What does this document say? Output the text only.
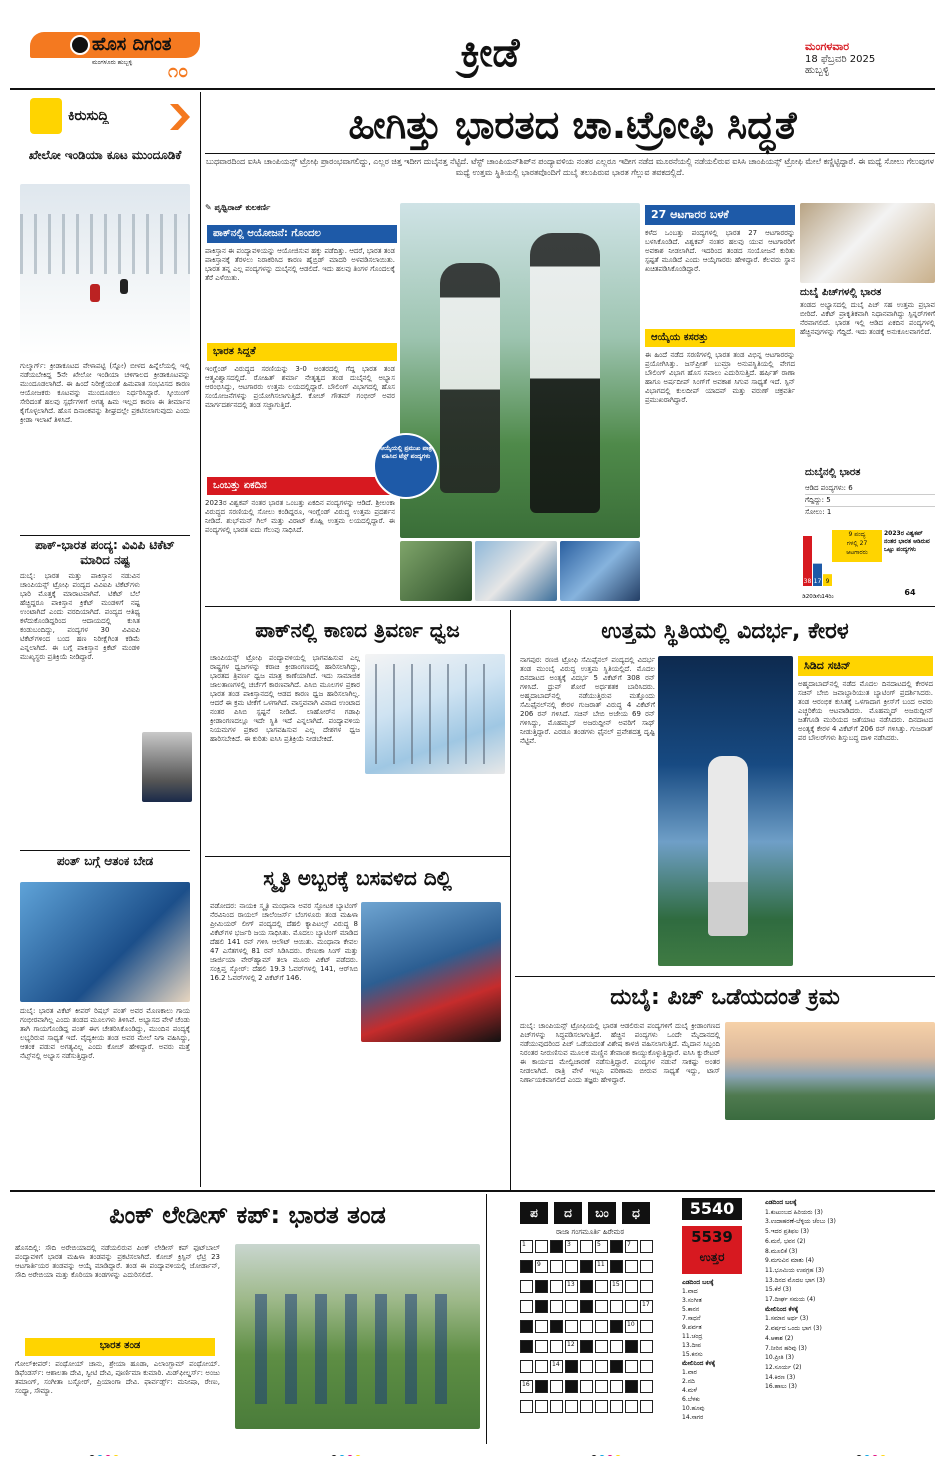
ಹೊಸ ದಿಗಂತ
ಮಂಗಳೂರು ಹುಬ್ಬಳ್ಳಿ	೧೦	ಕ್ರೀಡೆ	ಮಂಗಳವಾರ
18 ಫೆಬ್ರವರಿ 2025
ಹುಬ್ಬಳ್ಳಿ
ಕಿರುಸುದ್ದಿ
ಖೇಲೋ ಇಂಡಿಯಾ ಕೂಟ ಮುಂದೂಡಿಕೆ
ಗುಲ್ಮಾರ್ಗ್: ಕ್ರೀಡಾಕೂಟದ ವೇಳಾಪಟ್ಟಿ (ಸ್ನೋ) ಬೀಳದ ಹಿನ್ನೆಲೆಯಲ್ಲಿ ಇಲ್ಲಿ ನಡೆಯಬೇಕಿದ್ದ 5ನೇ ಖೇಲೋ ಇಂಡಿಯಾ ಚಳಿಗಾಲದ ಕ್ರೀಡಾಕೂಟವನ್ನು ಮುಂದೂಡಲಾಗಿದೆ. ಈ ಹಿಂದೆ ನಿರೀಕ್ಷೆಯಂತೆ ಹಿಮಪಾತ ಸಂಭವಿಸದ ಕಾರಣ ಆಯೋಜಕರು ಕೂಟವನ್ನು ಮುಂದೂಡಲು ನಿರ್ಧರಿಸಿದ್ದಾರೆ. ಸ್ಕೀಯಿಂಗ್ ಸೇರಿದಂತೆ ಹಲವು ಸ್ಪರ್ಧೆಗಳಿಗೆ ಅಗತ್ಯ ಹಿಮ ಇಲ್ಲದ ಕಾರಣ ಈ ತೀರ್ಮಾನ ಕೈಗೊಳ್ಳಲಾಗಿದೆ. ಹೊಸ ದಿನಾಂಕವನ್ನು ಶೀಘ್ರದಲ್ಲೇ ಪ್ರಕಟಿಸಲಾಗುವುದು ಎಂದು ಕ್ರೀಡಾ ಇಲಾಖೆ ತಿಳಿಸಿದೆ.
ಪಾಕ್-ಭಾರತ ಪಂದ್ಯ: ವಿವಿಪಿ ಟಿಕೆಟ್ ಮಾರಿದ ನಷ್ಟ
ದುಬೈ: ಭಾರತ ಮತ್ತು ಪಾಕಿಸ್ತಾನ ನಡುವಿನ ಚಾಂಪಿಯನ್ಸ್ ಟ್ರೋಫಿ ಪಂದ್ಯದ ವಿವಿಐಪಿ ಟಿಕೆಟ್‌ಗಳು ಭಾರಿ ಮೊತ್ತಕ್ಕೆ ಮಾರಾಟವಾಗಿವೆ. ಟಿಕೆಟ್ ಬೆಲೆ ಹೆಚ್ಚಿದ್ದರೂ ಪಾಕಿಸ್ತಾನ ಕ್ರಿಕೆಟ್ ಮಂಡಳಿಗೆ ನಷ್ಟ ಉಂಟಾಗಿದೆ ಎಂದು ವರದಿಯಾಗಿದೆ. ಪಂದ್ಯದ ಆತಿಥ್ಯ ಕಳೆದುಕೊಂಡಿದ್ದರಿಂದ ಆದಾಯದಲ್ಲಿ ಕುಸಿತ ಕಂಡುಬಂದಿದ್ದು, ಪಂದ್ಯಗಳ 30 ವಿವಿಐಪಿ ಟಿಕೆಟ್‌ಗಳಿಂದ ಬಂದ ಹಣ ನಿರೀಕ್ಷೆಗಿಂತ ಕಡಿಮೆ ಎನ್ನಲಾಗಿದೆ. ಈ ಬಗ್ಗೆ ಪಾಕಿಸ್ತಾನ ಕ್ರಿಕೆಟ್ ಮಂಡಳಿ ಮುಖ್ಯಸ್ಥರು ಪ್ರತಿಕ್ರಿಯೆ ನೀಡಿದ್ದಾರೆ.
ಪಂತ್ ಬಗ್ಗೆ ಆತಂಕ ಬೇಡ
ದುಬೈ: ಭಾರತ ವಿಕೆಟ್ ಕೀಪರ್ ರಿಷಭ್ ಪಂತ್ ಅವರ ಮೊಣಕಾಲು ಗಾಯ ಗಂಭೀರವಾಗಿಲ್ಲ ಎಂದು ತಂಡದ ಮೂಲಗಳು ತಿಳಿಸಿವೆ. ಅಭ್ಯಾಸದ ವೇಳೆ ಚೆಂಡು ತಾಗಿ ಗಾಯಗೊಂಡಿದ್ದ ಪಂತ್ ಈಗ ಚೇತರಿಸಿಕೊಂಡಿದ್ದು, ಮುಂದಿನ ಪಂದ್ಯಕ್ಕೆ ಲಭ್ಯರಿರುವ ಸಾಧ್ಯತೆ ಇದೆ. ವೈದ್ಯಕೀಯ ತಂಡ ಅವರ ಮೇಲೆ ನಿಗಾ ವಹಿಸಿದ್ದು, ಆತಂಕ ಪಡುವ ಅಗತ್ಯವಿಲ್ಲ ಎಂದು ಕೋಚ್ ಹೇಳಿದ್ದಾರೆ. ಅವರು ಮತ್ತೆ ನೆಟ್ಸ್‌ನಲ್ಲಿ ಅಭ್ಯಾಸ ನಡೆಸುತ್ತಿದ್ದಾರೆ.
ಹೀಗಿತ್ತು ಭಾರತದ ಚಾ.ಟ್ರೋಫಿ ಸಿದ್ಧತೆ
ಬುಧವಾರದಿಂದ ಐಸಿಸಿ ಚಾಂಪಿಯನ್ಸ್ ಟ್ರೋಫಿ ಪ್ರಾರಂಭವಾಗಲಿದ್ದು, ಎಲ್ಲರ ಚಿತ್ತ ಇದೀಗ ದುಬೈನತ್ತ ನೆಟ್ಟಿದೆ. ಟೆಸ್ಟ್ ಚಾಂಪಿಯನ್‌ಶಿಪ್‌ನ ಪಂದ್ಯಾವಳಿಯ ನಂತರ ಎಲ್ಲರೂ ಇದೀಗ ನಡೆದ ಮೂರನೆಯಲ್ಲಿ ನಡೆಯಲಿರುವ ಐಸಿಸಿ ಚಾಂಪಿಯನ್ಸ್ ಟ್ರೋಫಿ ಮೇಲೆ ಕಣ್ಣಿಟ್ಟಿದ್ದಾರೆ. ಈ ಮಧ್ಯೆ ಸೋಲು ಗೆಲುವುಗಳ ಮಧ್ಯೆ ಉತ್ತಮ ಸ್ಥಿತಿಯಲ್ಲಿ ಭಾರತವೊಂದಿಗೆ ದುಬೈ ತಲುಪಿರುವ ಭಾರತ ಗೆಲ್ಲುವ ತವಕದಲ್ಲಿದೆ.
✎ ಪೃಥ್ವಿರಾಜ್ ಕುಲಕರ್ಣಿ
ಪಾಕ್‌ನಲ್ಲಿ ಆಯೋಜನೆ: ಗೊಂದಲ
ಪಾಕಿಸ್ತಾನ ಈ ಪಂದ್ಯಾವಳಿಯನ್ನು ಆಯೋಜಿಸುವ ಹಕ್ಕು ಪಡೆದಿತ್ತು. ಆದರೆ, ಭಾರತ ತಂಡ ಪಾಕಿಸ್ತಾನಕ್ಕೆ ತೆರಳಲು ನಿರಾಕರಿಸಿದ ಕಾರಣ ಹೈಬ್ರಿಡ್ ಮಾದರಿ ಅಳವಡಿಸಲಾಯಿತು. ಭಾರತ ತನ್ನ ಎಲ್ಲ ಪಂದ್ಯಗಳನ್ನು ದುಬೈನಲ್ಲಿ ಆಡಲಿದೆ. ಇದು ಹಲವು ತಿಂಗಳ ಗೊಂದಲಕ್ಕೆ ತೆರೆ ಎಳೆಯಿತು.
ಭಾರತ ಸಿದ್ಧತೆ
ಇಂಗ್ಲೆಂಡ್ ವಿರುದ್ಧದ ಸರಣಿಯನ್ನು 3-0 ಅಂತರದಲ್ಲಿ ಗೆದ್ದ ಭಾರತ ತಂಡ ಆತ್ಮವಿಶ್ವಾಸದಲ್ಲಿದೆ. ರೋಹಿತ್ ಶರ್ಮಾ ನೇತೃತ್ವದ ತಂಡ ದುಬೈನಲ್ಲಿ ಅಭ್ಯಾಸ ಆರಂಭಿಸಿದ್ದು, ಆಟಗಾರರು ಉತ್ತಮ ಲಯದಲ್ಲಿದ್ದಾರೆ. ಬೌಲಿಂಗ್ ವಿಭಾಗದಲ್ಲಿ ಹೊಸ ಸಂಯೋಜನೆಗಳನ್ನು ಪ್ರಯೋಗಿಸಲಾಗುತ್ತಿದೆ. ಕೋಚ್ ಗೌತಮ್ ಗಂಭೀರ್ ಅವರ ಮಾರ್ಗದರ್ಶನದಲ್ಲಿ ತಂಡ ಸಜ್ಜಾಗುತ್ತಿದೆ.
ಒಂಬತ್ತು ಏಕದಿನ
2023ರ ವಿಶ್ವಕಪ್ ನಂತರ ಭಾರತ ಒಂಬತ್ತು ಏಕದಿನ ಪಂದ್ಯಗಳನ್ನು ಆಡಿದೆ. ಶ್ರೀಲಂಕಾ ವಿರುದ್ಧದ ಸರಣಿಯಲ್ಲಿ ಸೋಲು ಕಂಡಿದ್ದರೂ, ಇಂಗ್ಲೆಂಡ್ ವಿರುದ್ಧ ಉತ್ತಮ ಪ್ರದರ್ಶನ ನೀಡಿದೆ. ಶುಭ್‌ಮನ್ ಗಿಲ್ ಮತ್ತು ವಿರಾಟ್ ಕೊಹ್ಲಿ ಉತ್ತಮ ಲಯದಲ್ಲಿದ್ದಾರೆ. ಈ ಪಂದ್ಯಗಳಲ್ಲಿ ಭಾರತ ಐದು ಗೆಲುವು ಸಾಧಿಸಿದೆ.
ಆಯ್ಕೆಯಲ್ಲಿ ಪ್ರಮುಖ ಪಾತ್ರ ವಹಿಸಿದ ಟೆಸ್ಟ್ ಪಂದ್ಯಗಳು
27 ಆಟಗಾರರ ಬಳಕೆ
ಕಳೆದ ಒಂಬತ್ತು ಪಂದ್ಯಗಳಲ್ಲಿ ಭಾರತ 27 ಆಟಗಾರರನ್ನು ಬಳಸಿಕೊಂಡಿದೆ. ವಿಶ್ವಕಪ್ ನಂತರ ಹಲವು ಯುವ ಆಟಗಾರರಿಗೆ ಅವಕಾಶ ನೀಡಲಾಗಿದೆ. ಇದರಿಂದ ತಂಡದ ಸಂಯೋಜನೆ ಕುರಿತು ಸ್ಪಷ್ಟತೆ ಮೂಡಿದೆ ಎಂದು ಆಯ್ಕೆಗಾರರು ಹೇಳಿದ್ದಾರೆ. ಕೆಲವರು ಸ್ಥಾನ ಖಚಿತಪಡಿಸಿಕೊಂಡಿದ್ದಾರೆ.
ಆಯ್ಕೆಯ ಕಸರತ್ತು
ಈ ಹಿಂದೆ ನಡೆದ ಸರಣಿಗಳಲ್ಲಿ ಭಾರತ ತಂಡ ವಿಭಿನ್ನ ಆಟಗಾರರನ್ನು ಪ್ರಯೋಗಿಸಿತ್ತು. ಜಸ್‌ಪ್ರೀತ್ ಬುಮ್ರಾ ಅನುಪಸ್ಥಿತಿಯಲ್ಲಿ ವೇಗದ ಬೌಲಿಂಗ್ ವಿಭಾಗ ಹೊಸ ಸವಾಲು ಎದುರಿಸುತ್ತಿದೆ. ಹರ್ಷಿತ್ ರಾಣಾ ಹಾಗೂ ಅರ್ಷದೀಪ್ ಸಿಂಗ್‌ಗೆ ಅವಕಾಶ ಸಿಗುವ ಸಾಧ್ಯತೆ ಇದೆ. ಸ್ಪಿನ್ ವಿಭಾಗದಲ್ಲಿ ಕುಲದೀಪ್ ಯಾದವ್ ಮತ್ತು ವರುಣ್ ಚಕ್ರವರ್ತಿ ಪ್ರಮುಖರಾಗಿದ್ದಾರೆ.
ದುಬೈ ಪಿಚ್‌ಗಳಲ್ಲಿ ಭಾರತ
ತಂಡದ ಅಭ್ಯಾಸದಲ್ಲಿ ದುಬೈ ಪಿಚ್ ಸಹ ಉತ್ತಮ ಪ್ರಭಾವ ಬೀರಿದೆ. ವಿಕೆಟ್ ಪ್ರಾಕೃತಿಕವಾಗಿ ನಿಧಾನವಾಗಿದ್ದು ಸ್ಪಿನ್ನರ್‌ಗಳಿಗೆ ನೆರವಾಗಲಿದೆ. ಭಾರತ ಇಲ್ಲಿ ಆಡಿದ ಏಕದಿನ ಪಂದ್ಯಗಳಲ್ಲಿ ಹೆಚ್ಚಿನವುಗಳನ್ನು ಗೆದ್ದಿದೆ. ಇದು ತಂಡಕ್ಕೆ ಅನುಕೂಲವಾಗಲಿದೆ.
ದುಬೈನಲ್ಲಿ ಭಾರತ
ಆಡಿದ ಪಂದ್ಯಗಳು: 6
ಗೆದ್ದಿದ್ದು: 5
ಸೋಲು: 1
38
ಡಿ20
17
ಡಿಸೆಂ
9
14ರಿಂ
9 ಪಂದ್ಯ
ಗಳಲ್ಲಿ 27
ಆಟಗಾರರು
2023ರ ವಿಶ್ವಕಪ್ ನಂತರ ಭಾರತ ಆಡಿರುವ ಒಟ್ಟು ಪಂದ್ಯಗಳು
64
ಪಾಕ್‌ನಲ್ಲಿ ಕಾಣದ ತ್ರಿವರ್ಣ ಧ್ವಜ
ಚಾಂಪಿಯನ್ಸ್ ಟ್ರೋಫಿ ಪಂದ್ಯಾವಳಿಯಲ್ಲಿ ಭಾಗವಹಿಸುವ ಎಲ್ಲ ರಾಷ್ಟ್ರಗಳ ಧ್ವಜಗಳನ್ನು ಕರಾಚಿ ಕ್ರೀಡಾಂಗಣದಲ್ಲಿ ಹಾರಿಸಲಾಗಿದ್ದು, ಭಾರತದ ತ್ರಿವರ್ಣ ಧ್ವಜ ಮಾತ್ರ ಕಾಣೆಯಾಗಿದೆ. ಇದು ಸಾಮಾಜಿಕ ಜಾಲತಾಣಗಳಲ್ಲಿ ಚರ್ಚೆಗೆ ಕಾರಣವಾಗಿದೆ. ಪಿಸಿಬಿ ಮೂಲಗಳ ಪ್ರಕಾರ ಭಾರತ ತಂಡ ಪಾಕಿಸ್ತಾನದಲ್ಲಿ ಆಡದ ಕಾರಣ ಧ್ವಜ ಹಾರಿಸಲಾಗಿಲ್ಲ. ಆದರೆ ಈ ಕ್ರಮ ಟೀಕೆಗೆ ಒಳಗಾಗಿದೆ. ವಾಸ್ತವವಾಗಿ ವಿವಾದ ಉಂಟಾದ ನಂತರ ಪಿಸಿಬಿ ಸ್ಪಷ್ಟನೆ ನೀಡಿದೆ. ಲಾಹೋರ್‌ನ ಗಡಾಫಿ ಕ್ರೀಡಾಂಗಣದಲ್ಲೂ ಇದೇ ಸ್ಥಿತಿ ಇದೆ ಎನ್ನಲಾಗಿದೆ. ಪಂದ್ಯಾವಳಿಯ ನಿಯಮಗಳ ಪ್ರಕಾರ ಭಾಗವಹಿಸುವ ಎಲ್ಲ ದೇಶಗಳ ಧ್ವಜ ಹಾರಿಸಬೇಕಿದೆ. ಈ ಕುರಿತು ಐಸಿಸಿ ಪ್ರತಿಕ್ರಿಯೆ ನೀಡಬೇಕಿದೆ.
ಸ್ಮೃತಿ ಅಬ್ಬರಕ್ಕೆ ಬಸವಳಿದ ದಿಲ್ಲಿ
ವಡೋದರ: ನಾಯಕಿ ಸ್ಮೃತಿ ಮಂಧಾನಾ ಅವರ ಸ್ಫೋಟಕ ಬ್ಯಾಟಿಂಗ್ ನೆರವಿನಿಂದ ರಾಯಲ್ ಚಾಲೆಂಜರ್ಸ್ ಬೆಂಗಳೂರು ತಂಡ ಮಹಿಳಾ ಪ್ರೀಮಿಯರ್ ಲೀಗ್ ಪಂದ್ಯದಲ್ಲಿ ದೆಹಲಿ ಕ್ಯಾಪಿಟಲ್ಸ್ ವಿರುದ್ಧ 8 ವಿಕೆಟ್‌ಗಳ ಭರ್ಜರಿ ಜಯ ಸಾಧಿಸಿತು. ಮೊದಲು ಬ್ಯಾಟಿಂಗ್ ಮಾಡಿದ ದೆಹಲಿ 141 ರನ್ ಗಳಿಸಿ ಆಲೌಟ್ ಆಯಿತು. ಮಂಧಾನಾ ಕೇವಲ 47 ಎಸೆತಗಳಲ್ಲಿ 81 ರನ್ ಸಿಡಿಸಿದರು. ರೇಣುಕಾ ಸಿಂಗ್ ಮತ್ತು ಜಾರ್ಜಿಯಾ ವೇರ್‌ಹ್ಯಾಮ್ ತಲಾ ಮೂರು ವಿಕೆಟ್ ಪಡೆದರು. ಸಂಕ್ಷಿಪ್ತ ಸ್ಕೋರ್: ದೆಹಲಿ 19.3 ಓವರ್‌ಗಳಲ್ಲಿ 141, ಆರ್‌ಸಿಬಿ 16.2 ಓವರ್‌ಗಳಲ್ಲಿ 2 ವಿಕೆಟ್‌ಗೆ 146.
ಉತ್ತಮ ಸ್ಥಿತಿಯಲ್ಲಿ ವಿದರ್ಭ, ಕೇರಳ
ನಾಗಪುರ: ರಣಜಿ ಟ್ರೋಫಿ ಸೆಮಿಫೈನಲ್ ಪಂದ್ಯದಲ್ಲಿ ವಿದರ್ಭ ತಂಡ ಮುಂಬೈ ವಿರುದ್ಧ ಉತ್ತಮ ಸ್ಥಿತಿಯಲ್ಲಿದೆ. ಮೊದಲ ದಿನದಾಟದ ಅಂತ್ಯಕ್ಕೆ ವಿದರ್ಭ 5 ವಿಕೆಟ್‌ಗೆ 308 ರನ್ ಗಳಿಸಿದೆ. ಧ್ರುವ್ ಶೋರೆ ಅರ್ಧಶತಕ ಬಾರಿಸಿದರು. ಅಹ್ಮದಾಬಾದ್‌ನಲ್ಲಿ ನಡೆಯುತ್ತಿರುವ ಮತ್ತೊಂದು ಸೆಮಿಫೈನಲ್‌ನಲ್ಲಿ ಕೇರಳ ಗುಜರಾತ್ ವಿರುದ್ಧ 4 ವಿಕೆಟ್‌ಗೆ 206 ರನ್ ಗಳಿಸಿದೆ. ಸಚಿನ್ ಬೇಬಿ ಅಜೇಯ 69 ರನ್ ಗಳಿಸಿದ್ದು, ಮೊಹಮ್ಮದ್ ಅಜರುದ್ದೀನ್ ಅವರಿಗೆ ಸಾಥ್ ನೀಡುತ್ತಿದ್ದಾರೆ. ಎರಡೂ ತಂಡಗಳು ಫೈನಲ್ ಪ್ರವೇಶದತ್ತ ದೃಷ್ಟಿ ನೆಟ್ಟಿವೆ.
ಸಿಡಿದ ಸಚಿನ್
ಅಹ್ಮದಾಬಾದ್‌ನಲ್ಲಿ ನಡೆದ ಮೊದಲ ದಿನದಾಟದಲ್ಲಿ ಕೇರಳದ ಸಚಿನ್ ಬೇಬಿ ಜವಾಬ್ದಾರಿಯುತ ಬ್ಯಾಟಿಂಗ್ ಪ್ರದರ್ಶಿಸಿದರು. ತಂಡ ಆರಂಭಿಕ ಕುಸಿತಕ್ಕೆ ಒಳಗಾದಾಗ ಕ್ರೀಸ್‌ಗೆ ಬಂದ ಅವರು ಎಚ್ಚರಿಕೆಯ ಆಟವಾಡಿದರು. ಮೊಹಮ್ಮದ್ ಅಜರುದ್ದೀನ್ ಜತೆಗೂಡಿ ಮುರಿಯದ ಜತೆಯಾಟ ನಡೆಸಿದರು. ದಿನದಾಟದ ಅಂತ್ಯಕ್ಕೆ ಕೇರಳ 4 ವಿಕೆಟ್‌ಗೆ 206 ರನ್ ಗಳಿಸಿತ್ತು. ಗುಜರಾತ್ ಪರ ಬೌಲರ್‌ಗಳು ಶಿಸ್ತುಬದ್ಧ ದಾಳಿ ನಡೆಸಿದರು.
ದುಬೈ: ಪಿಚ್ ಒಡೆಯದಂತೆ ಕ್ರಮ
ದುಬೈ: ಚಾಂಪಿಯನ್ಸ್ ಟ್ರೋಫಿಯಲ್ಲಿ ಭಾರತ ಆಡಲಿರುವ ಪಂದ್ಯಗಳಿಗೆ ದುಬೈ ಕ್ರೀಡಾಂಗಣದ ಪಿಚ್‌ಗಳನ್ನು ಸಿದ್ಧಪಡಿಸಲಾಗುತ್ತಿದೆ. ಹೆಚ್ಚಿನ ಪಂದ್ಯಗಳು ಒಂದೇ ಮೈದಾನದಲ್ಲಿ ನಡೆಯುವುದರಿಂದ ಪಿಚ್ ಒಡೆಯದಂತೆ ವಿಶೇಷ ಕಾಳಜಿ ವಹಿಸಲಾಗುತ್ತಿದೆ. ಮೈದಾನ ಸಿಬ್ಬಂದಿ ನಿರಂತರ ನೀರುಣಿಸುವ ಮೂಲಕ ಮಣ್ಣಿನ ತೇವಾಂಶ ಕಾಯ್ದುಕೊಳ್ಳುತ್ತಿದ್ದಾರೆ. ಐಸಿಸಿ ಕ್ಯುರೇಟರ್ ಈ ಕಾರ್ಯದ ಮೇಲ್ವಿಚಾರಣೆ ನಡೆಸುತ್ತಿದ್ದಾರೆ. ಪಂದ್ಯಗಳ ನಡುವೆ ಸಾಕಷ್ಟು ಅಂತರ ನೀಡಲಾಗಿದೆ. ರಾತ್ರಿ ವೇಳೆ ಇಬ್ಬನಿ ಪರಿಣಾಮ ಬೀರುವ ಸಾಧ್ಯತೆ ಇದ್ದು, ಟಾಸ್ ನಿರ್ಣಾಯಕವಾಗಲಿದೆ ಎಂದು ತಜ್ಞರು ಹೇಳಿದ್ದಾರೆ.
ಪಿಂಕ್ ಲೇಡೀಸ್ ಕಪ್: ಭಾರತ ತಂಡ
ಹೊಸದಿಲ್ಲಿ: ಸೌದಿ ಅರೇಬಿಯಾದಲ್ಲಿ ನಡೆಯಲಿರುವ ಪಿಂಕ್ ಲೇಡೀಸ್ ಕಪ್ ಫುಟ್‌ಬಾಲ್ ಪಂದ್ಯಾವಳಿಗೆ ಭಾರತ ಮಹಿಳಾ ತಂಡವನ್ನು ಪ್ರಕಟಿಸಲಾಗಿದೆ. ಕೋಚ್ ಕ್ರಿಸ್ಪಿನ್ ಛೆಟ್ರಿ 23 ಆಟಗಾರ್ತಿಯರ ತಂಡವನ್ನು ಆಯ್ಕೆ ಮಾಡಿದ್ದಾರೆ. ತಂಡ ಈ ಪಂದ್ಯಾವಳಿಯಲ್ಲಿ ಜೋರ್ಡಾನ್, ಸೌದಿ ಅರೇಬಿಯಾ ಮತ್ತು ಕೊರಿಯಾ ತಂಡಗಳನ್ನು ಎದುರಿಸಲಿದೆ.
ಭಾರತ ತಂಡ
ಗೋಲ್‌ಕೀಪರ್: ಪಂಥೋಯ್ ಚಾನು, ಶ್ರೇಯಾ ಹೂಡಾ, ಎಲಾಂಗ್ಬಾಮ್ ಪಂಥೋಯ್. ಡಿಫೆಂಡರ್ಸ್: ಆಶಾಲತಾ ದೇವಿ, ಸ್ವೀಟಿ ದೇವಿ, ಪೂರ್ಣಿಮಾ ಕುಮಾರಿ. ಮಿಡ್‌ಫೀಲ್ಡರ್ಸ್: ಅಂಜು ತಮಾಂಗ್, ಸಂಗೀತಾ ಬಸ್ಫೋರ್, ಪ್ರಿಯಾಂಗಾ ದೇವಿ. ಫಾರ್ವರ್ಡ್ಸ್: ಮನೀಷಾ, ರೇಣು, ಸಂಧ್ಯಾ, ಸೌಮ್ಯಾ.
ಪ	ದ	ಬಂ	ಧ
ರಾಜಾ ಗಂಗಮೂರ್ತಿ ಹಿರೇಮಠ
1	3	5	7
9	11
13	15
17
10
12
14
16
5540
5539
ಉತ್ತರ
ಎಡದಿಂದ ಬಲಕ್ಕೆ
1.ವಾದ
3.ಸಂಗೀತ
5.ಕಾನನ
7.ಸಾಧನೆ
9.ಪರ್ವತ
11.ಚಂದ್ರ
13.ದೀಪ
15.ಕನಸು
ಮೇಲಿನಿಂದ ಕೆಳಕ್ಕೆ
1.ವಾರ
2.ನದಿ
4.ಮಳೆ
6.ಬೆಳಕು
10.ಹೂವು
14.ಸಾಗರ
ಎಡದಿಂದ ಬಲಕ್ಕೆ
1.ಕುಟುಂಬದ ಹಿರಿಯರು (3)
3.ಉದಾಹರಣೆ-ಬೆಳ್ಳಿಯ ಚೆಂಬು (3)
5.ಇದರ ಪ್ರತಿಫಲ (3)
6.ಮನೆ, ಭವನ (2)
8.ಮೂಲಿಕೆ (3)
9.ಮಗುವಿನ ಮಾತು (4)
11.ಭೂಮಿಯ ಉಪಗ್ರಹ (3)
13.ದಿನದ ಮೊದಲ ಭಾಗ (3)
15.ಕೆರೆ (3)
17.ದೀರ್ಘ ಸಮಯ (4)
ಮೇಲಿನಿಂದ ಕೆಳಕ್ಕೆ
1.ಸಮಾನ ಅರ್ಥ (3)
2.ವರ್ಷದ ಒಂದು ಭಾಗ (3)
4.ಆಕಾಶ (2)
7.ನೀರಿನ ಹರಿವು (3)
10.ಪ್ರೀತಿ (3)
12.ಸೂರ್ಯ (2)
14.ಕಿರಣ (3)
16.ಹಾಲು (3)
